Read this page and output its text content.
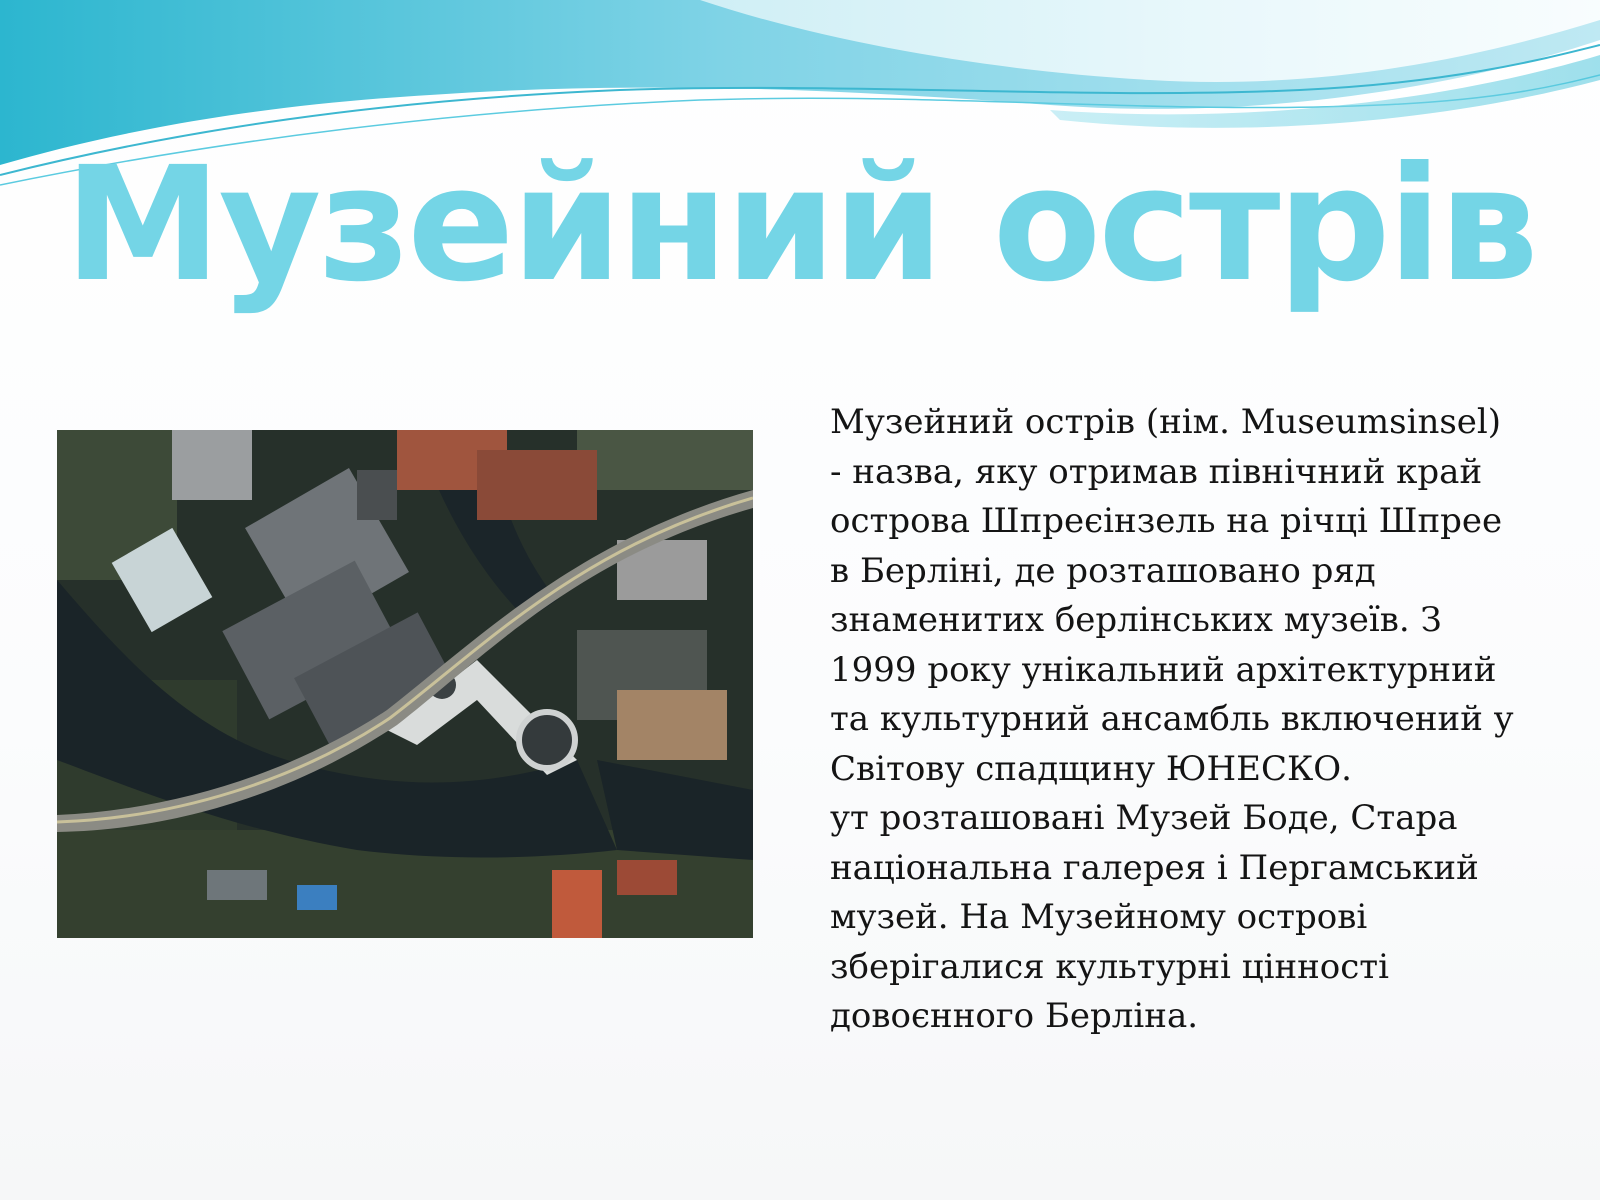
Музейний острів

Музейний острів (нім. Museumsinsel)

- назва, яку отримав північний край

острова Шпреєінзель на річці Шпрее

в Берліні, де розташовано ряд

знаменитих берлінських музеїв. З

1999 року унікальний архітектурний

та культурний ансамбль включений у

Світову спадщину ЮНЕСКО.

ут розташовані Музей Боде, Стара

національна галерея і Пергамський

музей. На Музейному острові

зберігалися культурні цінності

довоєнного Берліна.
